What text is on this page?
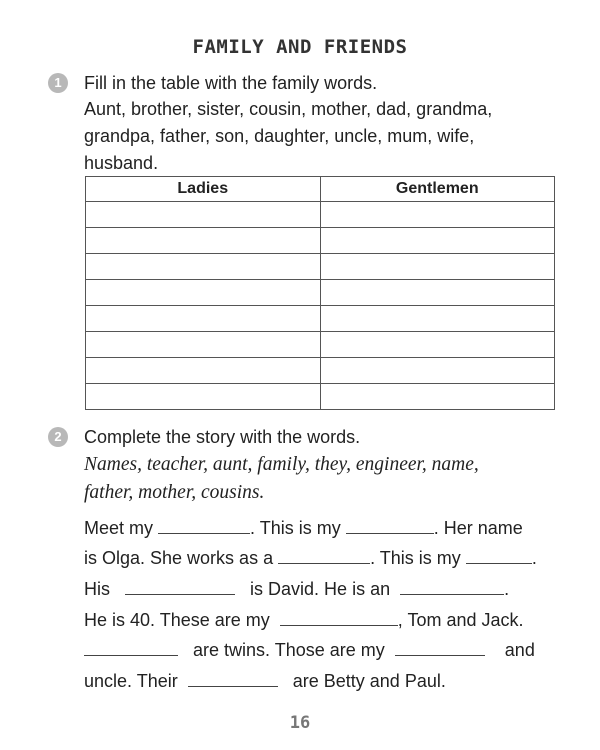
FAMILY AND FRIENDS
1	Fill in the table with the family words.
Aunt, brother, sister, cousin, mother, dad, grandma,
grandpa, father, son, daughter, uncle, mum, wife,
husband.
Ladies	Gentlemen

2	Complete the story with the words.
Names, teacher, aunt, family, they, engineer, name,
father, mother, cousins.
Meet my	. This is my	. Her name
is Olga. She works as a	. This is my	.
His	is David. He is an	.
He is 40. These are my	, Tom and Jack.
are twins. Those are my	and
uncle. Their	are Betty and Paul.
16
